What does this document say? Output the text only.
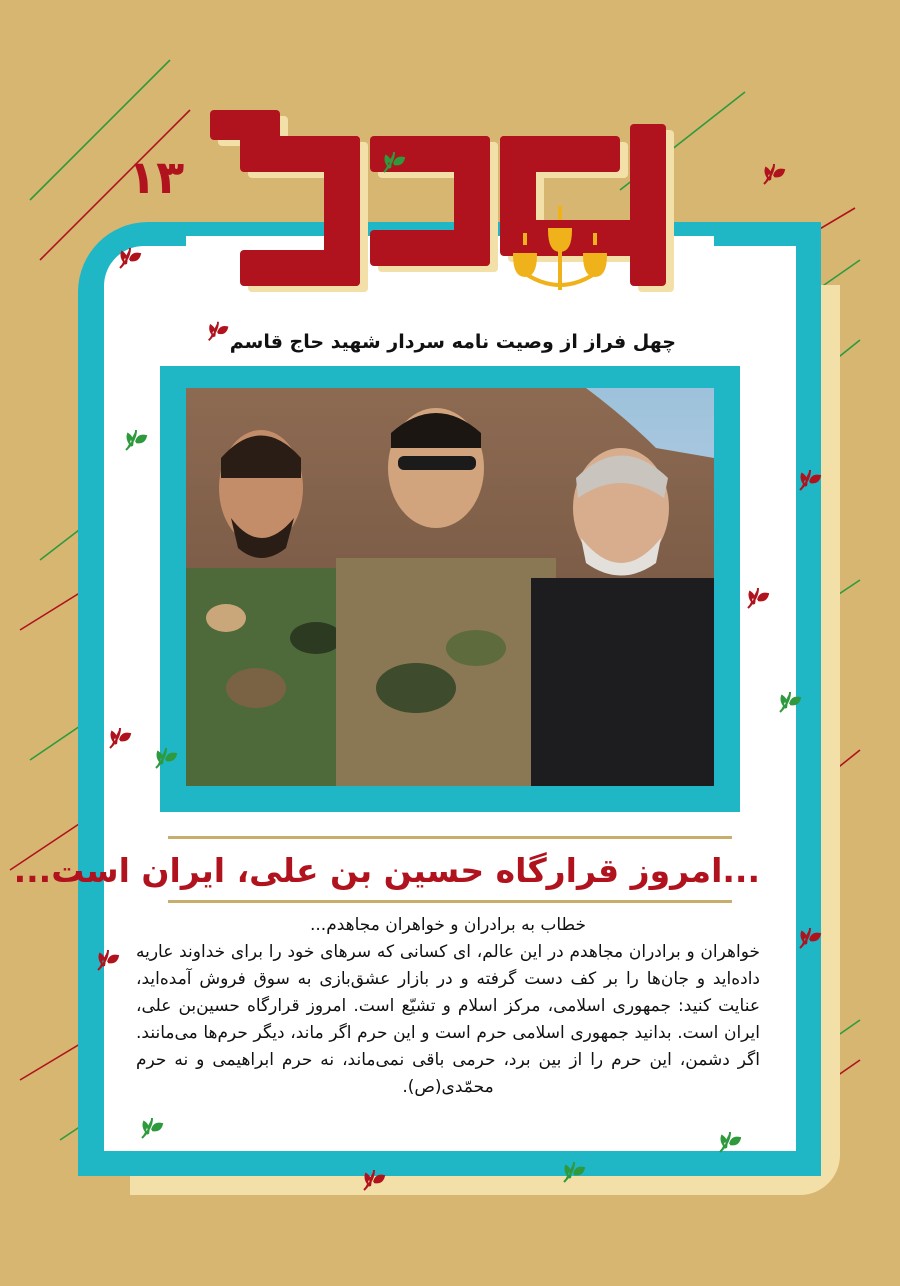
۱۳
چهل فراز از وصیت نامه سردار شهید حاج قاسم
...امروز قرارگاه حسین بن علی، ایران است...
خطاب به برادران و خواهران مجاهدم...
خواهران و برادران مجاهدم در این عالم، ای کسانی که سرهای خود را برای خداوند عاریه داده‌اید و جان‌ها را بر کف دست گرفته و در بازار عشق‌بازی به سوق فروش آمده‌اید، عنایت کنید: جمهوری اسلامی، مرکز اسلام و تشیّع است. امروز قرارگاه حسین‌بن علی، ایران است. بدانید جمهوری اسلامی حرم است و این حرم اگر ماند، دیگر حرم‌ها می‌مانند. اگر دشمن، این حرم را از بین برد، حرمی باقی نمی‌ماند، نه حرم ابراهیمی و نه حرم محمّدی(ص).
